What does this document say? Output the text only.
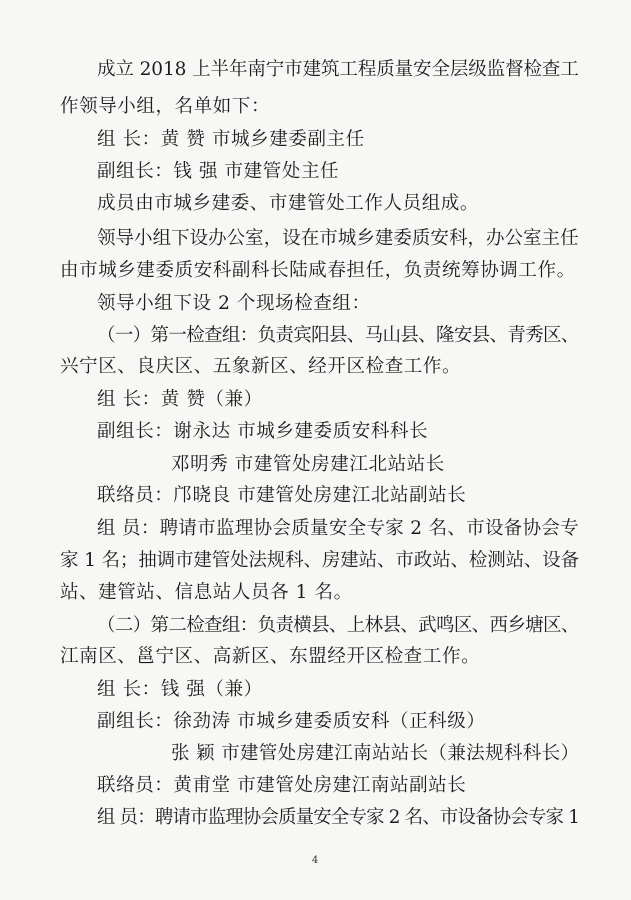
成立 2018 上半年南宁市建筑工程质量安全层级监督检查工
作领导小组，名单如下：
组 长：黄 赞 市城乡建委副主任
副组长：钱 强 市建管处主任
成员由市城乡建委、市建管处工作人员组成。
领导小组下设办公室，设在市城乡建委质安科，办公室主任
由市城乡建委质安科副科长陆咸春担任，负责统筹协调工作。
领导小组下设 2 个现场检查组：
（一）第一检查组：负责宾阳县、马山县、隆安县、青秀区、
兴宁区、良庆区、五象新区、经开区检查工作。
组 长：黄 赞（兼）
副组长：谢永达 市城乡建委质安科科长
邓明秀 市建管处房建江北站站长
联络员：邝晓良 市建管处房建江北站副站长
组 员：聘请市监理协会质量安全专家 2 名、市设备协会专
家 1 名；抽调市建管处法规科、房建站、市政站、检测站、设备
站、建管站、信息站人员各 1 名。
（二）第二检查组：负责横县、上林县、武鸣区、西乡塘区、
江南区、邕宁区、高新区、东盟经开区检查工作。
组 长：钱 强（兼）
副组长：徐劲涛 市城乡建委质安科（正科级）
张 颖 市建管处房建江南站站长（兼法规科科长）
联络员：黄甫堂 市建管处房建江南站副站长
组 员：聘请市监理协会质量安全专家 2 名、市设备协会专家 1
4
